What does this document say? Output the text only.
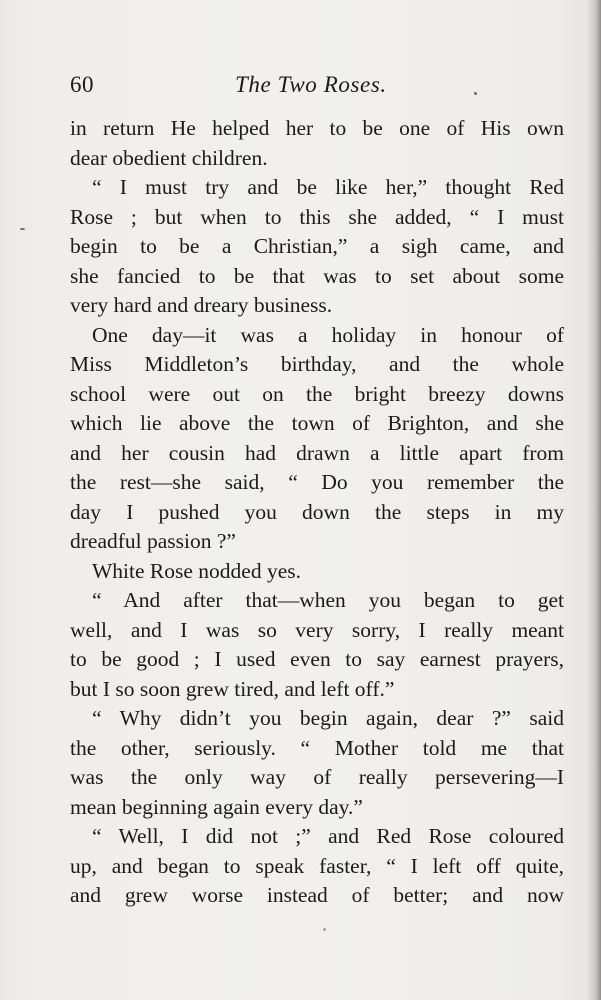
60	The Two Roses.
in return He helped her to be one of His own
dear obedient children.
“ I must try and be like her,” thought Red
Rose ; but when to this she added, “ I must
begin to be a Christian,” a sigh came, and
she fancied to be that was to set about some
very hard and dreary business.
One day—it was a holiday in honour of
Miss Middleton’s birthday, and the whole
school were out on the bright breezy downs
which lie above the town of Brighton, and she
and her cousin had drawn a little apart from
the rest—she said, “ Do you remember the
day I pushed you down the steps in my
dreadful passion ?”
White Rose nodded yes.
“ And after that—when you began to get
well, and I was so very sorry, I really meant
to be good ; I used even to say earnest prayers,
but I so soon grew tired, and left off.”
“ Why didn’t you begin again, dear ?” said
the other, seriously. “ Mother told me that
was the only way of really persevering—I
mean beginning again every day.”
“ Well, I did not ;” and Red Rose coloured
up, and began to speak faster, “ I left off quite,
and grew worse instead of better; and now
